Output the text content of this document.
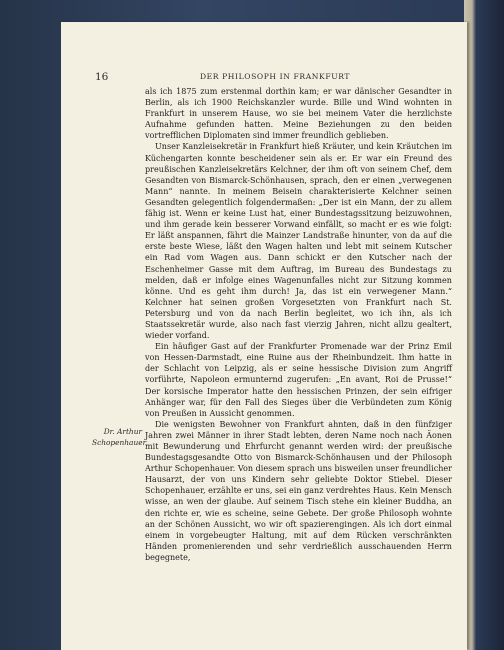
16	DER PHILOSOPH IN FRANKFURT
Dr. Arthur
Schopenhauer

als ich 1875 zum erstenmal dorthin kam; er war dänischer Gesandter in Berlin, als ich 1900 Reichskanzler wurde. Bille und Wind wohnten in Frankfurt in unserem Hause, wo sie bei meinem Vater die herzlichste Aufnahme gefunden hatten. Meine Beziehungen zu den beiden vortrefflichen Diplomaten sind immer freundlich geblieben.

Unser Kanzleisekretär in Frankfurt hieß Kräuter, und kein Kräutchen im Küchengarten konnte bescheidener sein als er. Er war ein Freund des preußischen Kanzleisekretärs Kelchner, der ihm oft von seinem Chef, dem Gesandten von Bismarck-Schönhausen, sprach, den er einen „verwegenen Mann“ nannte. In meinem Beisein charakterisierte Kelchner seinen Gesandten gelegentlich folgendermaßen: „Der ist ein Mann, der zu allem fähig ist. Wenn er keine Lust hat, einer Bundestagssitzung beizuwohnen, und ihm gerade kein besserer Vorwand einfällt, so macht er es wie folgt: Er läßt anspannen, fährt die Mainzer Landstraße hinunter, von da auf die erste beste Wiese, läßt den Wagen halten und lebt mit seinem Kutscher ein Rad vom Wagen aus. Dann schickt er den Kutscher nach der Eschenheimer Gasse mit dem Auftrag, im Bureau des Bundestags zu melden, daß er infolge eines Wagenunfalles nicht zur Sitzung kommen könne. Und es geht ihm durch! Ja, das ist ein verwegener Mann.“ Kelchner hat seinen großen Vorgesetzten von Frankfurt nach St. Petersburg und von da nach Berlin begleitet, wo ich ihn, als ich Staatssekretär wurde, also nach fast vierzig Jahren, nicht allzu gealtert, wieder vorfand.

Ein häufiger Gast auf der Frankfurter Promenade war der Prinz Emil von Hessen-Darmstadt, eine Ruine aus der Rheinbundzeit. Ihm hatte in der Schlacht von Leipzig, als er seine hessische Division zum Angriff vorführte, Napoleon ermunternd zugerufen: „En avant, Roi de Prusse!“ Der korsische Imperator hatte den hessischen Prinzen, der sein eifriger Anhänger war, für den Fall des Sieges über die Verbündeten zum König von Preußen in Aussicht genommen.

Die wenigsten Bewohner von Frankfurt ahnten, daß in den fünfziger Jahren zwei Männer in ihrer Stadt lebten, deren Name noch nach Äonen mit Bewunderung und Ehrfurcht genannt werden wird: der preußische Bundestagsgesandte Otto von Bismarck-Schönhausen und der Philosoph Arthur Schopenhauer. Von diesem sprach uns bisweilen unser freundlicher Hausarzt, der von uns Kindern sehr geliebte Doktor Stiebel. Dieser Schopenhauer, erzählte er uns, sei ein ganz verdrehtes Haus. Kein Mensch wisse, an wen der glaube. Auf seinem Tisch stehe ein kleiner Buddha, an den richte er, wie es scheine, seine Gebete. Der große Philosoph wohnte an der Schönen Aussicht, wo wir oft spazierengingen. Als ich dort einmal einem in vorgebeugter Haltung, mit auf dem Rücken verschränkten Händen promenierenden und sehr verdrießlich ausschauenden Herrn begegnete,
